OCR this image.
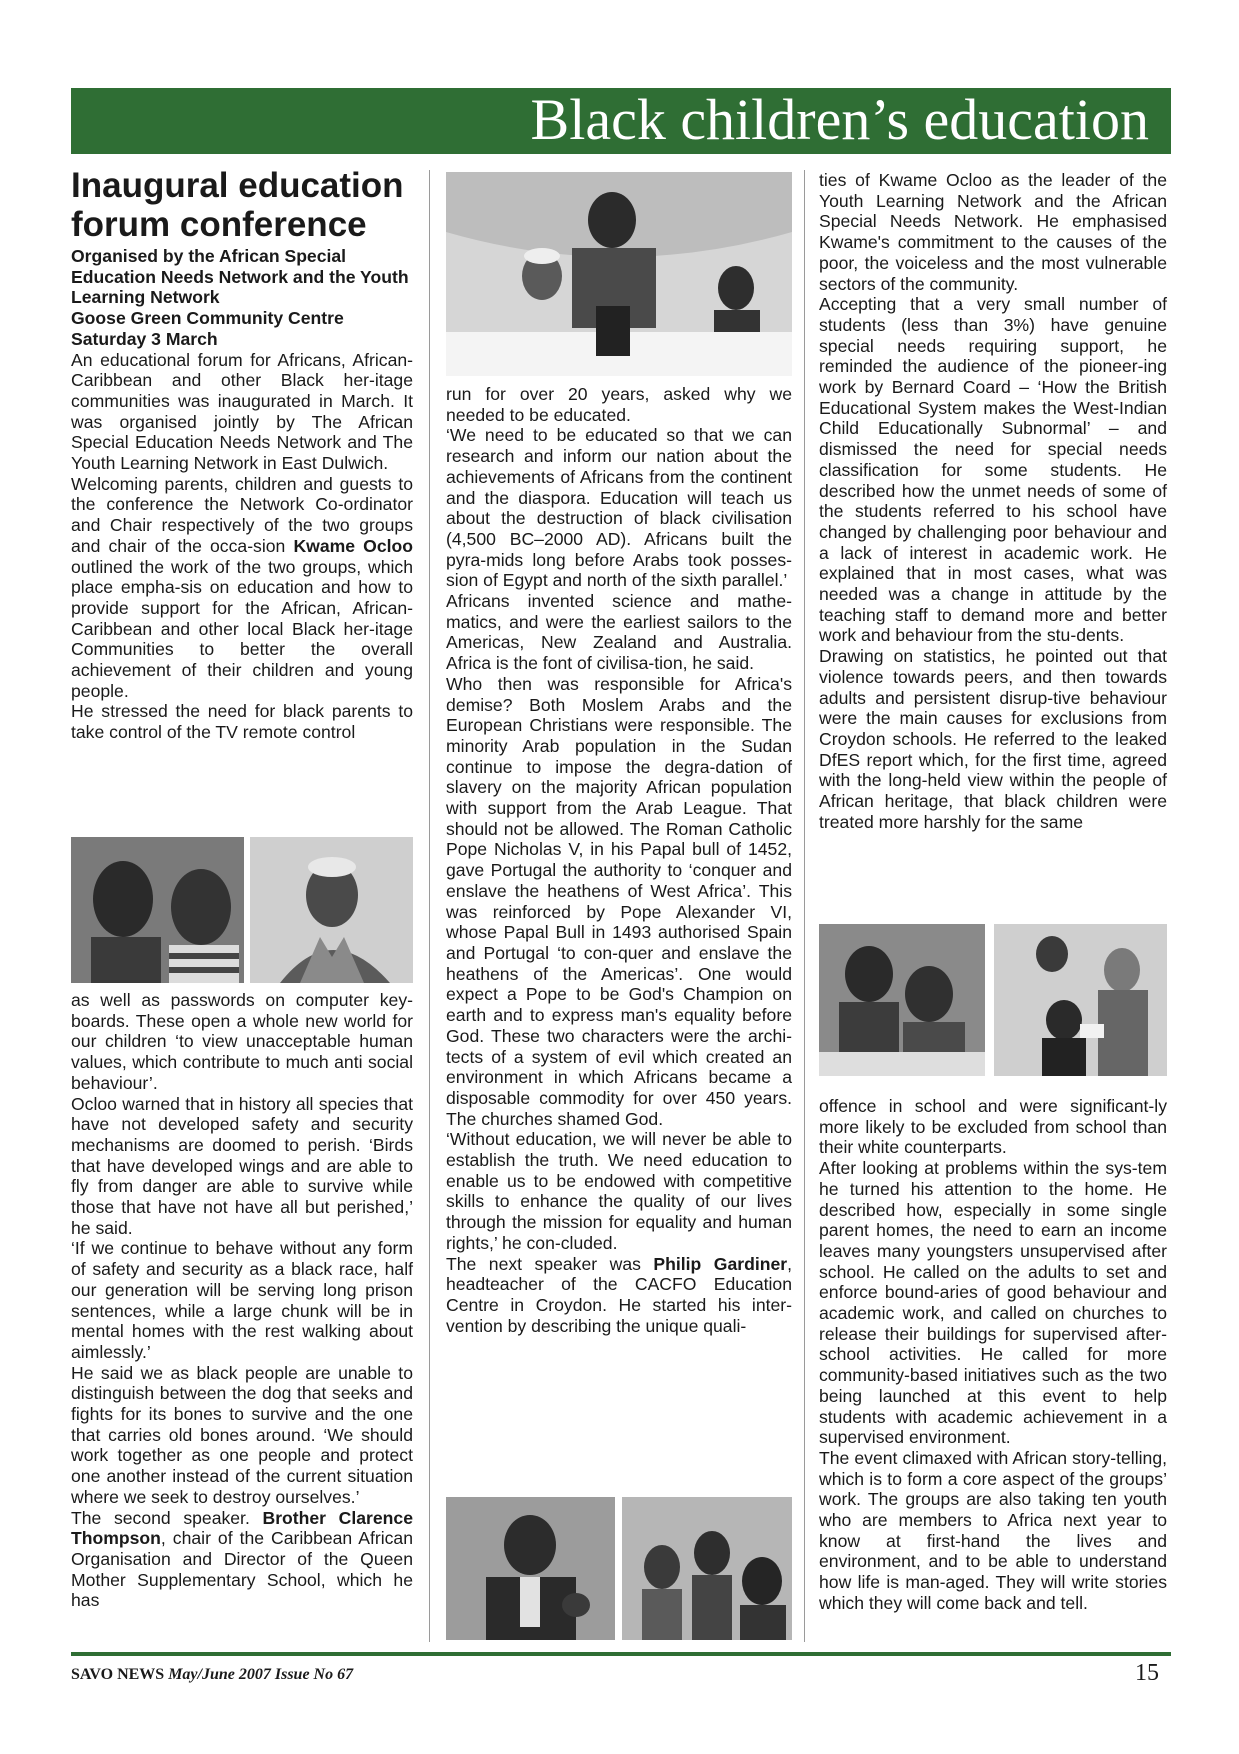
Black children’s education
Inaugural education forum conference

Organised by the African Special Education Needs Network and the Youth Learning Network

Goose Green Community Centre

Saturday 3 March

An educational forum for Africans, African-Caribbean and other Black her-itage communities was inaugurated in March. It was organised jointly by The African Special Education Needs Network and The Youth Learning Network in East Dulwich.

Welcoming parents, children and guests to the conference the Network Co-ordinator and Chair respectively of the two groups and chair of the occa-sion Kwame Ocloo outlined the work of the two groups, which place empha-sis on education and how to provide support for the African, African-Caribbean and other local Black her-itage Communities to better the overall achievement of their children and young people.

He stressed the need for black parents to take control of the TV remote control

as well as passwords on computer key-boards. These open a whole new world for our children ‘to view unacceptable human values, which contribute to much anti social behaviour’.

Ocloo warned that in history all species that have not developed safety and security mechanisms are doomed to perish. ‘Birds that have developed wings and are able to fly from danger are able to survive while those that have not have all but perished,’ he said.

‘If we continue to behave without any form of safety and security as a black race, half our generation will be serving long prison sentences, while a large chunk will be in mental homes with the rest walking about aimlessly.’

He said we as black people are unable to distinguish between the dog that seeks and fights for its bones to survive and the one that carries old bones around. ‘We should work together as one people and protect one another instead of the current situation where we seek to destroy ourselves.’

The second speaker. Brother Clarence Thompson, chair of the Caribbean African Organisation and Director of the Queen Mother Supplementary School, which he has

run for over 20 years, asked why we needed to be educated.

‘We need to be educated so that we can research and inform our nation about the achievements of Africans from the continent and the diaspora. Education will teach us about the destruction of black civilisation (4,500 BC–2000 AD). Africans built the pyra-mids long before Arabs took posses-sion of Egypt and north of the sixth parallel.’

Africans invented science and mathe-matics, and were the earliest sailors to the Americas, New Zealand and Australia. Africa is the font of civilisa-tion, he said.

Who then was responsible for Africa's demise? Both Moslem Arabs and the European Christians were responsible. The minority Arab population in the Sudan continue to impose the degra-dation of slavery on the majority African population with support from the Arab League. That should not be allowed. The Roman Catholic Pope Nicholas V, in his Papal bull of 1452, gave Portugal the authority to ‘conquer and enslave the heathens of West Africa’. This was reinforced by Pope Alexander VI, whose Papal Bull in 1493 authorised Spain and Portugal ‘to con-quer and enslave the heathens of the Americas’. One would expect a Pope to be God's Champion on earth and to express man's equality before God. These two characters were the archi-tects of a system of evil which created an environment in which Africans became a disposable commodity for over 450 years. The churches shamed God.

‘Without education, we will never be able to establish the truth. We need education to enable us to be endowed with competitive skills to enhance the quality of our lives through the mission for equality and human rights,’ he con-cluded.

The next speaker was Philip Gardiner, headteacher of the CACFO Education Centre in Croydon. He started his inter-vention by describing the unique quali-

ties of Kwame Ocloo as the leader of the Youth Learning Network and the African Special Needs Network. He emphasised Kwame's commitment to the causes of the poor, the voiceless and the most vulnerable sectors of the community.

Accepting that a very small number of students (less than 3%) have genuine special needs requiring support, he reminded the audience of the pioneer-ing work by Bernard Coard – ‘How the British Educational System makes the West-Indian Child Educationally Subnormal’ – and dismissed the need for special needs classification for some students. He described how the unmet needs of some of the students referred to his school have changed by challenging poor behaviour and a lack of interest in academic work. He explained that in most cases, what was needed was a change in attitude by the teaching staff to demand more and better work and behaviour from the stu-dents.

Drawing on statistics, he pointed out that violence towards peers, and then towards adults and persistent disrup-tive behaviour were the main causes for exclusions from Croydon schools. He referred to the leaked DfES report which, for the first time, agreed with the long-held view within the people of African heritage, that black children were treated more harshly for the same

offence in school and were significant-ly more likely to be excluded from school than their white counterparts.

After looking at problems within the sys-tem he turned his attention to the home. He described how, especially in some single parent homes, the need to earn an income leaves many youngsters unsupervised after school. He called on the adults to set and enforce bound-aries of good behaviour and academic work, and called on churches to release their buildings for supervised after-school activities. He called for more community-based initiatives such as the two being launched at this event to help students with academic achievement in a supervised environment.

The event climaxed with African story-telling, which is to form a core aspect of the groups’ work. The groups are also taking ten youth who are members to Africa next year to know at first-hand the lives and environment, and to be able to understand how life is man-aged. They will write stories which they will come back and tell.

SAVO NEWS May/June 2007 Issue No 67	15
